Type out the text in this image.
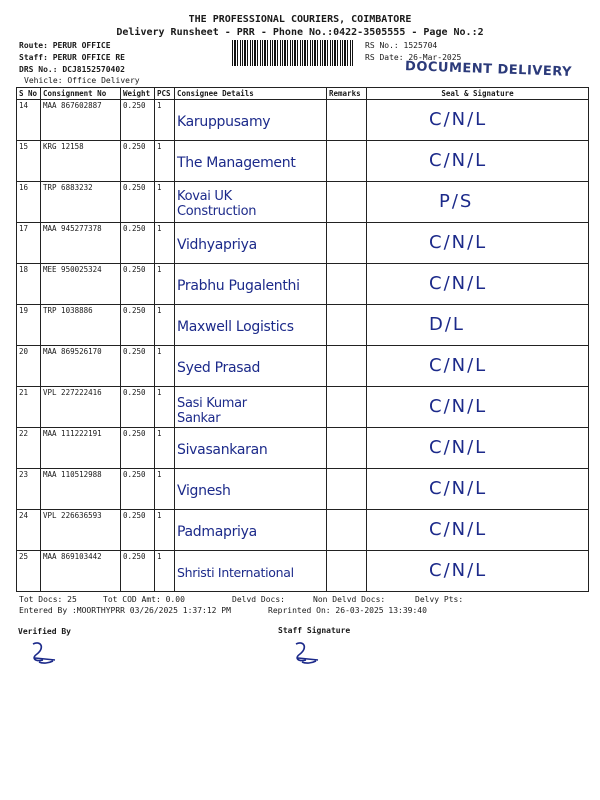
THE PROFESSIONAL COURIERS, COIMBATORE
Delivery Runsheet - PRR - Phone No.:0422-3505555 - Page No.:2
Route: PERUR OFFICE
Staff: PERUR OFFICE RE
DRS No.: DCJ8152570402
Vehicle: Office Delivery
RS No.: 1525704
RS Date: 26-Mar-2025
DOCUMENT DELIVERY
S No	Consignment No	Weight	PCS	Consignee Details	Remarks	Seal & Signature
14	MAA 867602887	0.250	1	Karuppusamy		C/N/L

15	KRG 12158	0.250	1	The Management		C/N/L

16	TRP 6883232	0.250	1	Kovai UK Construction		P/S

17	MAA 945277378	0.250	1	Vidhyapriya		C/N/L

18	MEE 950025324	0.250	1	Prabhu Pugalenthi		C/N/L

19	TRP 1038886	0.250	1	Maxwell Logistics		D/L

20	MAA 869526170	0.250	1	Syed Prasad		C/N/L

21	VPL 227222416	0.250	1	Sasi Kumar Sankar		C/N/L

22	MAA 111222191	0.250	1	Sivasankaran		C/N/L

23	MAA 110512988	0.250	1	Vignesh		C/N/L

24	VPL 226636593	0.250	1	Padmapriya		C/N/L

25	MAA 869103442	0.250	1	Shristi International		C/N/L
Tot Docs: 25	Tot COD Amt: 0.00	Delvd Docs:	Non Delvd Docs:	Delvy Pts:
Entered By :MOORTHYPRR 03/26/2025 1:37:12 PM	Reprinted On: 26-03-2025 13:39:40
Verified By	Staff Signature
